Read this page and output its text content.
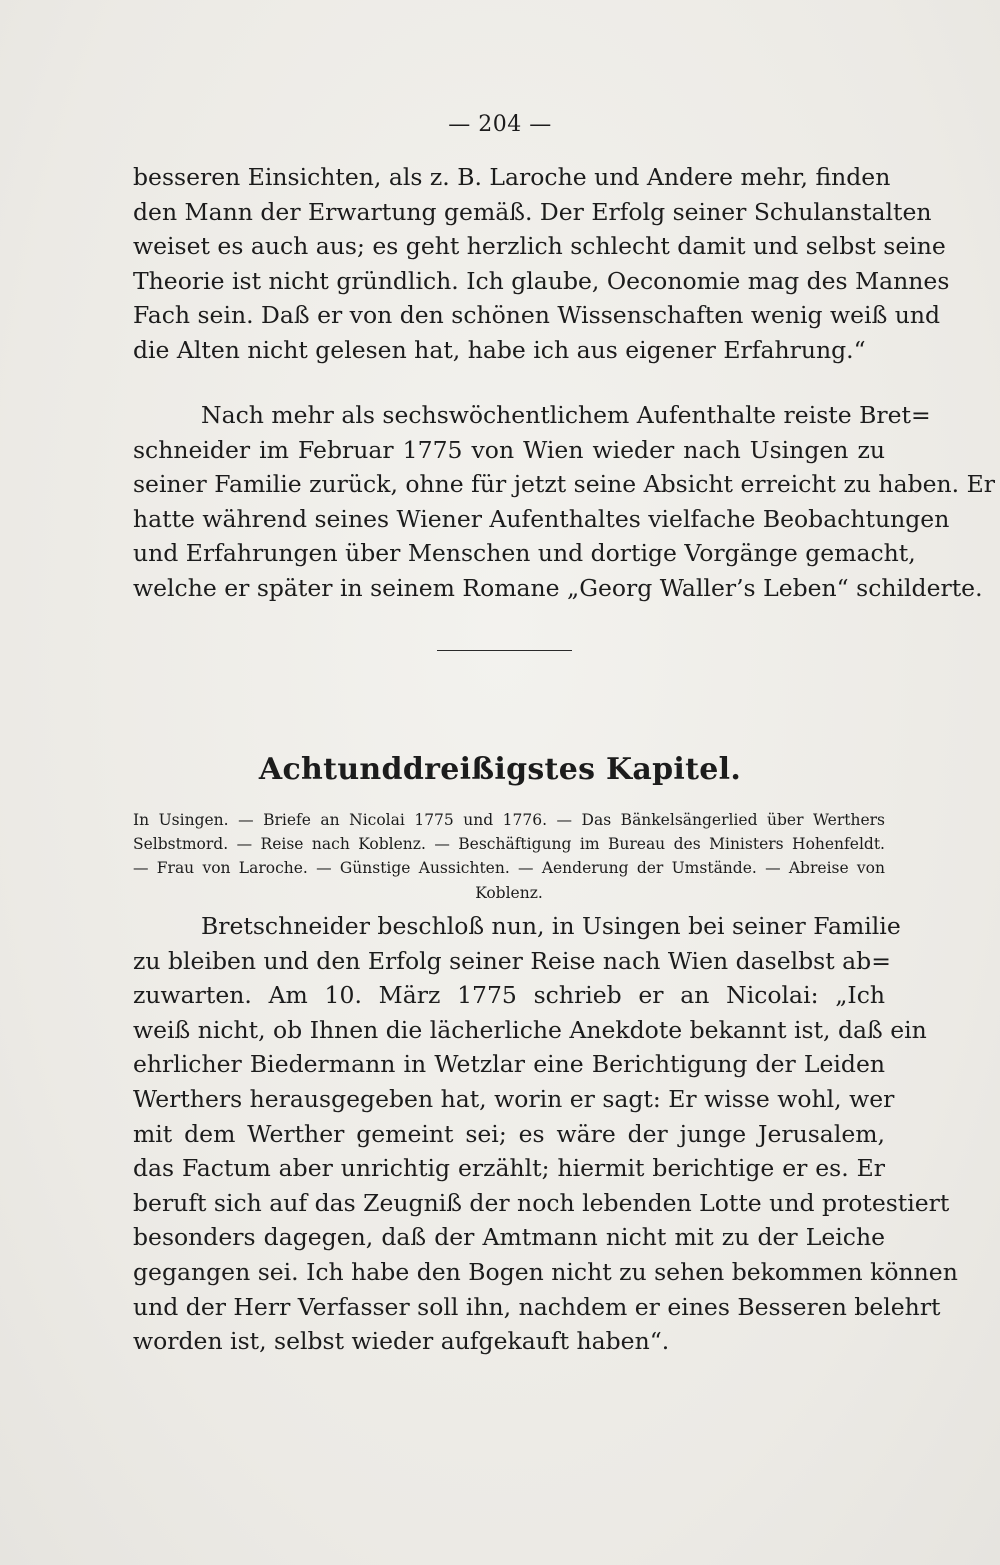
— 204 —
besseren Einsichten, als z. B. Laroche und Andere mehr, finden
den Mann der Erwartung gemäß. Der Erfolg seiner Schulanstalten
weiset es auch aus; es geht herzlich schlecht damit und selbst seine
Theorie ist nicht gründlich. Ich glaube, Oeconomie mag des Mannes
Fach sein. Daß er von den schönen Wissenschaften wenig weiß und
die Alten nicht gelesen hat, habe ich aus eigener Erfahrung.“
Nach mehr als sechswöchentlichem Aufenthalte reiste Bret=
schneider im Februar 1775 von Wien wieder nach Usingen zu
seiner Familie zurück, ohne für jetzt seine Absicht erreicht zu haben. Er
hatte während seines Wiener Aufenthaltes vielfache Beobachtungen
und Erfahrungen über Menschen und dortige Vorgänge gemacht,
welche er später in seinem Romane „Georg Waller’s Leben“ schilderte.
Achtunddreißigstes Kapitel.
In Usingen. — Briefe an Nicolai 1775 und 1776. — Das Bänkelsängerlied über Werthers
Selbstmord. — Reise nach Koblenz. — Beschäftigung im Bureau des Ministers Hohenfeldt.
— Frau von Laroche. — Günstige Aussichten. — Aenderung der Umstände. — Abreise von
Koblenz.
Bretschneider beschloß nun, in Usingen bei seiner Familie
zu bleiben und den Erfolg seiner Reise nach Wien daselbst ab=
zuwarten. Am 10. März 1775 schrieb er an Nicolai: „Ich
weiß nicht, ob Ihnen die lächerliche Anekdote bekannt ist, daß ein
ehrlicher Biedermann in Wetzlar eine Berichtigung der Leiden
Werthers herausgegeben hat, worin er sagt: Er wisse wohl, wer
mit dem Werther gemeint sei; es wäre der junge Jerusalem,
das Factum aber unrichtig erzählt; hiermit berichtige er es. Er
beruft sich auf das Zeugniß der noch lebenden Lotte und protestiert
besonders dagegen, daß der Amtmann nicht mit zu der Leiche
gegangen sei. Ich habe den Bogen nicht zu sehen bekommen können
und der Herr Verfasser soll ihn, nachdem er eines Besseren belehrt
worden ist, selbst wieder aufgekauft haben“.
